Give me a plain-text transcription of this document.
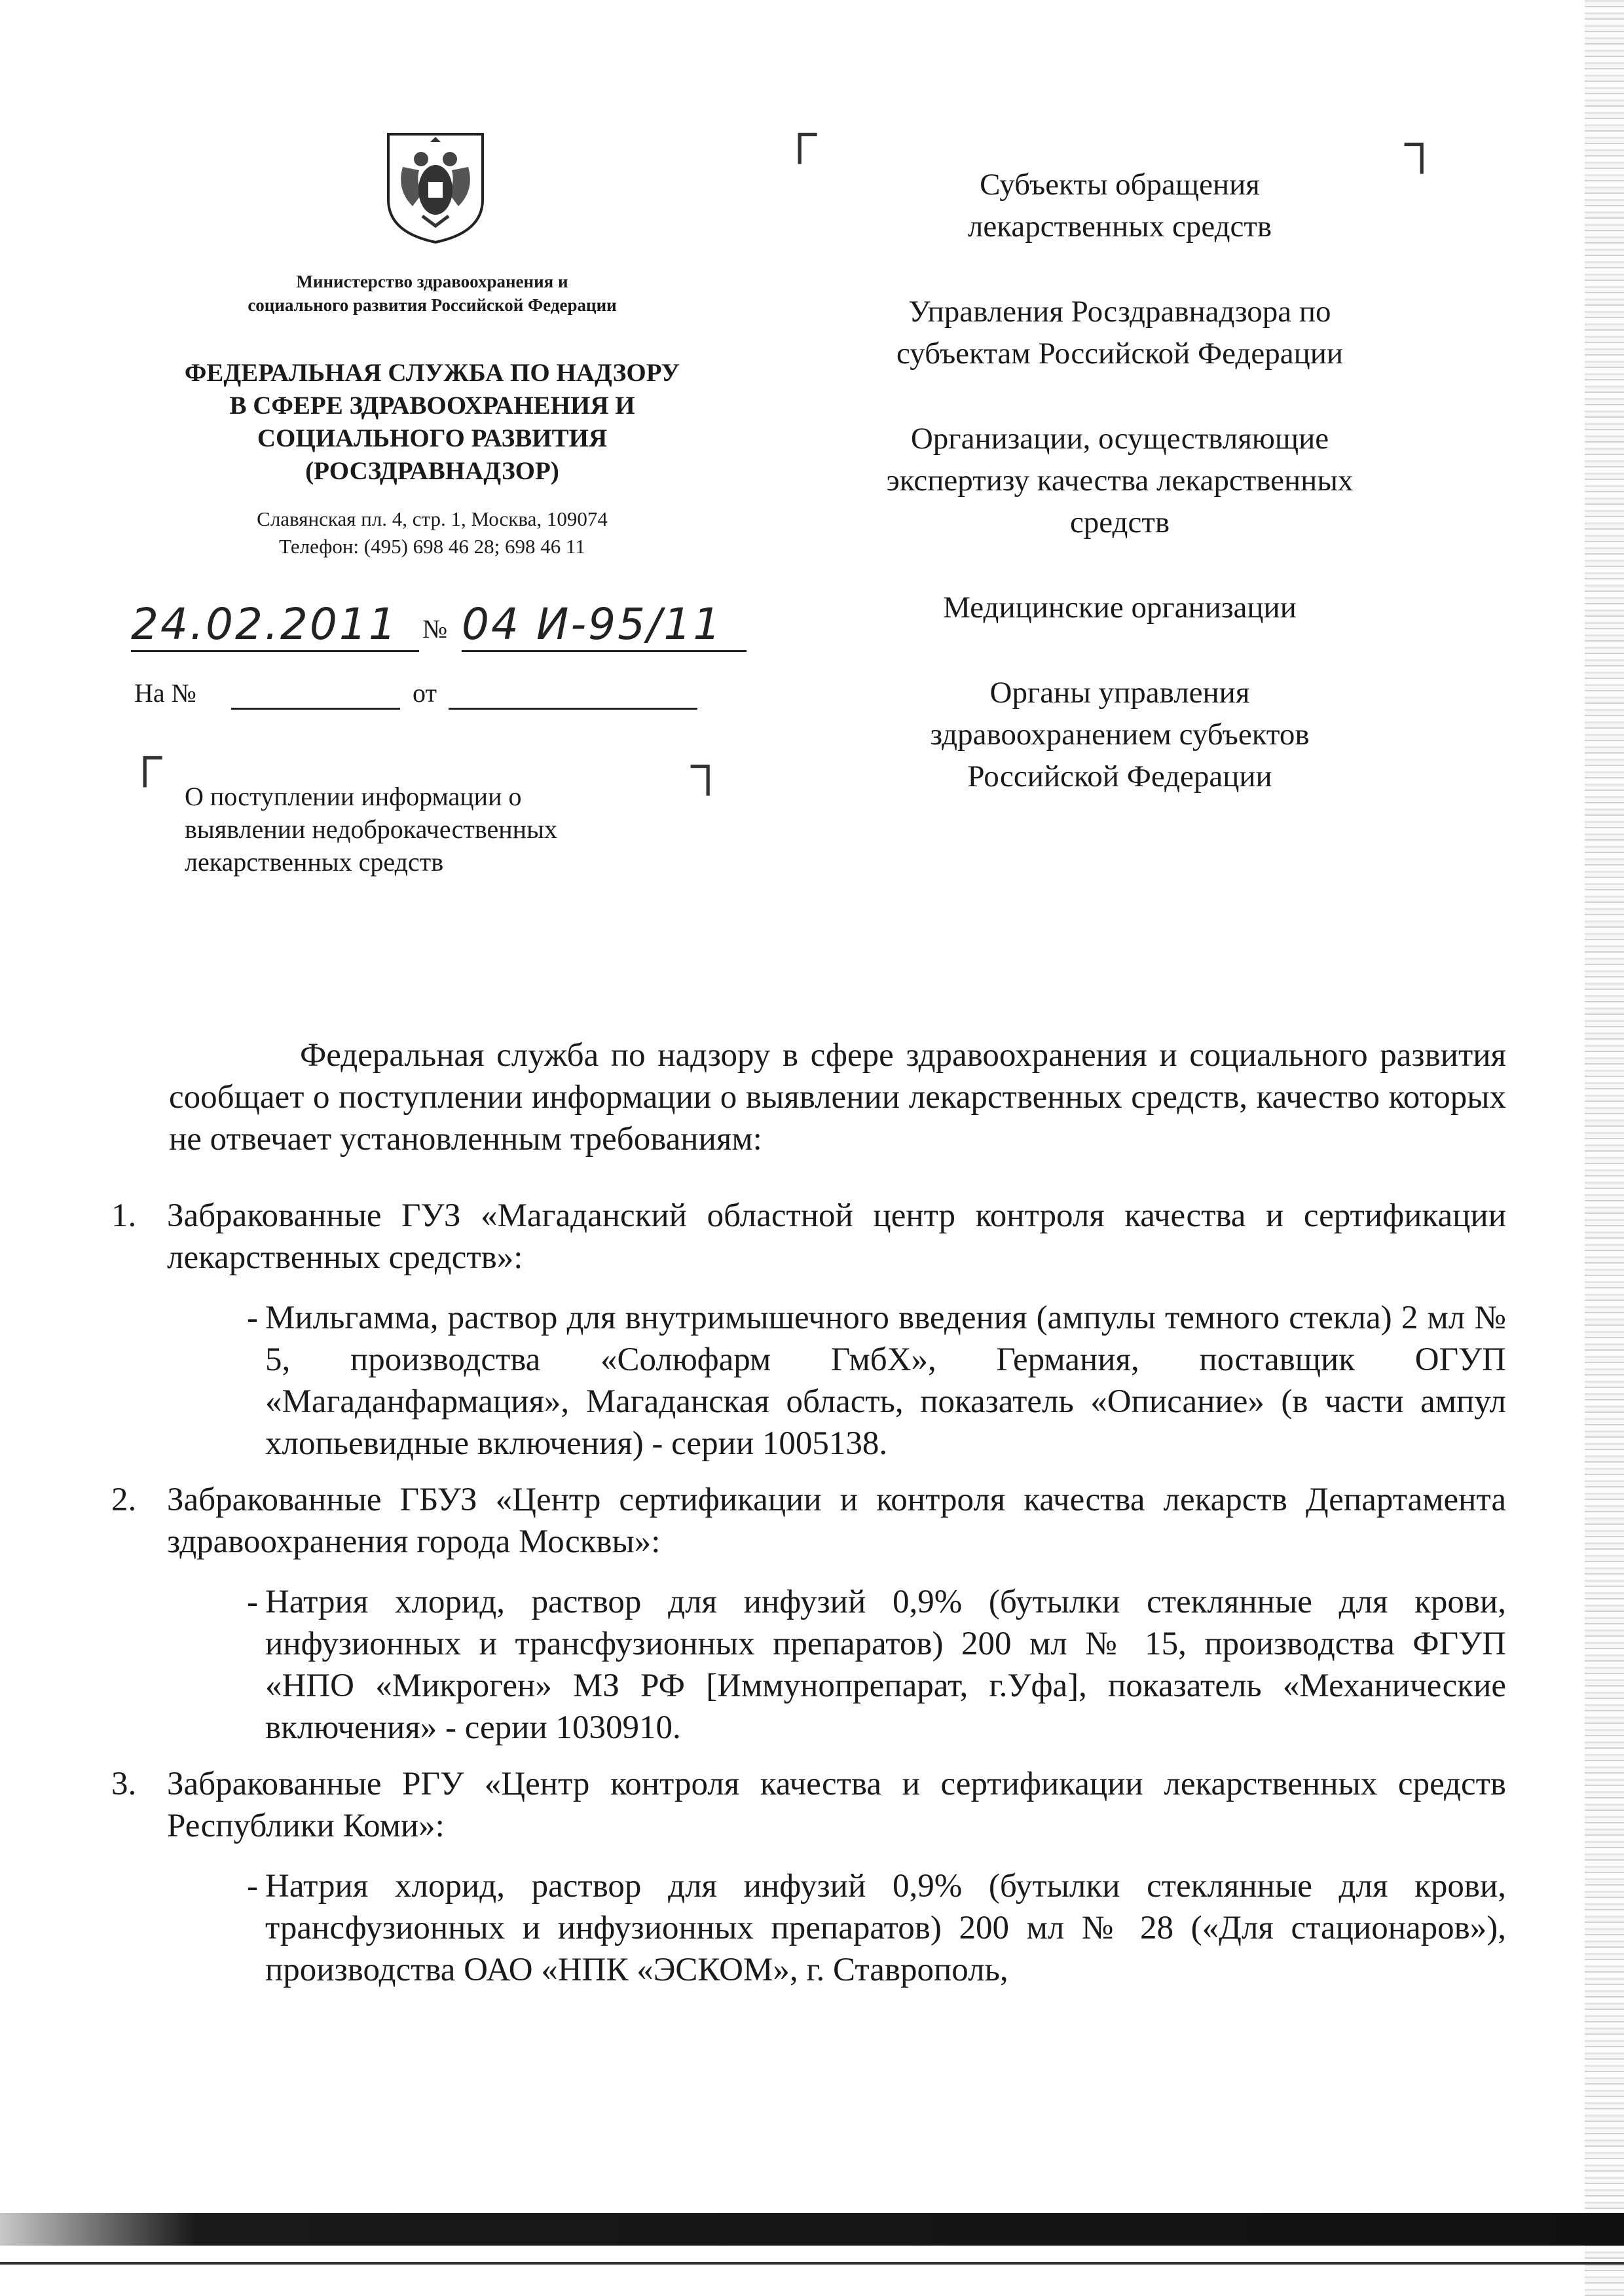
Министерство здравоохранения и
социального развития Российской Федерации
ФЕДЕРАЛЬНАЯ СЛУЖБА ПО НАДЗОРУ
В СФЕРЕ ЗДРАВООХРАНЕНИЯ И
СОЦИАЛЬНОГО РАЗВИТИЯ
(РОСЗДРАВНАДЗОР)
Славянская пл. 4, стр. 1, Москва, 109074
Телефон: (495) 698 46 28; 698 46 11
24.02.2011 № 04 И-95/11
На №	от
┌	┐
┌	┐
О поступлении информации о
выявлении недоброкачественных
лекарственных средств

Субъекты обращения
лекарственных средств

Управления Росздравнадзора по
субъектам Российской Федерации

Организации, осуществляющие
экспертизу качества лекарственных
средств

Медицинские организации

Органы управления
здравоохранением субъектов
Российской Федерации

Федеральная служба по надзору в сфере здравоохранения и социального развития сообщает о поступлении информации о выявлении лекарственных средств, качество которых не отвечает установленным требованиям:
1. Забракованные ГУЗ «Магаданский областной центр контроля качества и сертификации лекарственных средств»:
- Мильгамма, раствор для внутримышечного введения (ампулы темного стекла) 2 мл № 5, производства «Солюфарм ГмбХ», Германия, поставщик ОГУП «Магаданфармация», Магаданская область, показатель «Описание» (в части ампул хлопьевидные включения) - серии 1005138.
2. Забракованные ГБУЗ «Центр сертификации и контроля качества лекарств Департамента здравоохранения города Москвы»:
- Натрия хлорид, раствор для инфузий 0,9% (бутылки стеклянные для крови, инфузионных и трансфузионных препаратов) 200 мл № 15, производства ФГУП «НПО «Микроген» МЗ РФ [Иммунопрепарат, г.Уфа], показатель «Механические включения» - серии 1030910.
3. Забракованные РГУ «Центр контроля качества и сертификации лекарственных средств Республики Коми»:
- Натрия хлорид, раствор для инфузий 0,9% (бутылки стеклянные для крови, трансфузионных и инфузионных препаратов) 200 мл № 28 («Для стационаров»), производства ОАО «НПК «ЭСКОМ», г. Ставрополь,
